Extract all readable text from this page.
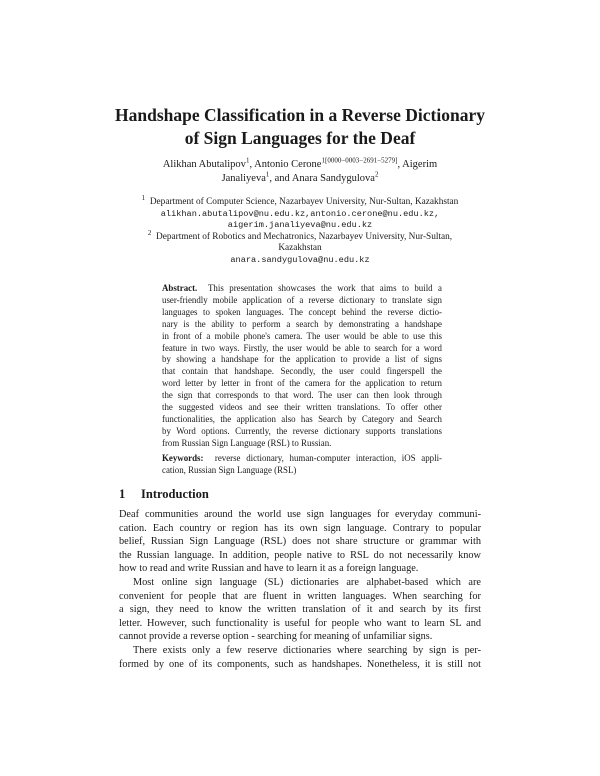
Handshape Classification in a Reverse Dictionary
of Sign Languages for the Deaf
Alikhan Abutalipov$^1$, Antonio Cerone$^{1[0000-0003-2691-5279]}$, Aigerim
Janaliyeva$^1$, and Anara Sandygulova$^2$
$^1$ Department of Computer Science, Nazarbayev University, Nur-Sultan, Kazakhstan
alikhan.abutalipov@nu.edu.kz,antonio.cerone@nu.edu.kz,
aigerim.janaliyeva@nu.edu.kz
$^2$ Department of Robotics and Mechatronics, Nazarbayev University, Nur-Sultan,
Kazakhstan
anara.sandygulova@nu.edu.kz
Abstract. This presentation showcases the work that aims to build a
user-friendly mobile application of a reverse dictionary to translate sign
languages to spoken languages. The concept behind the reverse dictio-
nary is the ability to perform a search by demonstrating a handshape
in front of a mobile phone's camera. The user would be able to use this
feature in two ways. Firstly, the user would be able to search for a word
by showing a handshape for the application to provide a list of signs
that contain that handshape. Secondly, the user could fingerspell the
word letter by letter in front of the camera for the application to return
the sign that corresponds to that word. The user can then look through
the suggested videos and see their written translations. To offer other
functionalities, the application also has Search by Category and Search
by Word options. Currently, the reverse dictionary supports translations
from Russian Sign Language (RSL) to Russian.
Keywords: reverse dictionary, human-computer interaction, iOS appli-
cation, Russian Sign Language (RSL)
1 Introduction
Deaf communities around the world use sign languages for everyday communi-
cation. Each country or region has its own sign language. Contrary to popular
belief, Russian Sign Language (RSL) does not share structure or grammar with
the Russian language. In addition, people native to RSL do not necessarily know
how to read and write Russian and have to learn it as a foreign language.
Most online sign language (SL) dictionaries are alphabet-based which are
convenient for people that are fluent in written languages. When searching for
a sign, they need to know the written translation of it and search by its first
letter. However, such functionality is useful for people who want to learn SL and
cannot provide a reverse option - searching for meaning of unfamiliar signs.
There exists only a few reserve dictionaries where searching by sign is per-
formed by one of its components, such as handshapes. Nonetheless, it is still not
